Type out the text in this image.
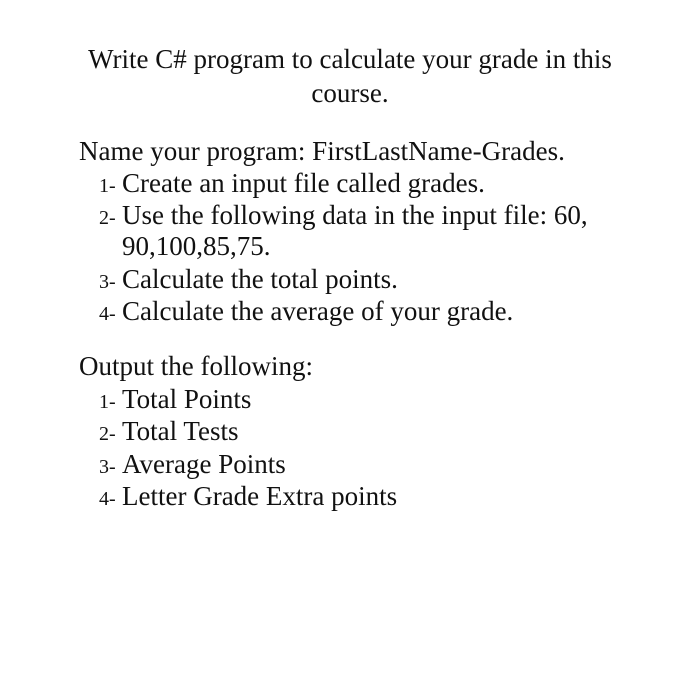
Write C# program to calculate your grade in this
course.
Name your program: FirstLastName-Grades.
1- Create an input file called grades.
2- Use the following data in the input file: 60,
90,100,85,75.
3- Calculate the total points.
4- Calculate the average of your grade.
Output the following:
1- Total Points
2- Total Tests
3- Average Points
4- Letter Grade Extra points
